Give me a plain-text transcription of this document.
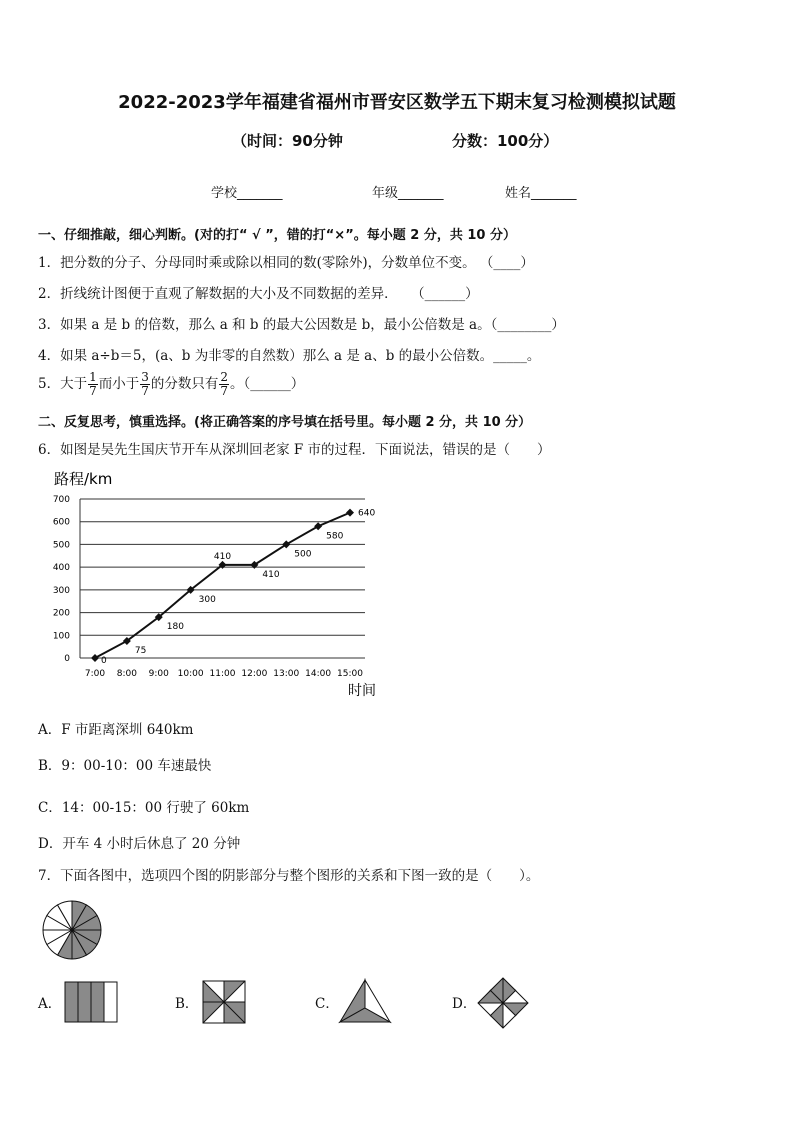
2022-2023学年福建省福州市晋安区数学五下期末复习检测模拟试题
（时间：90分钟	分数：100分）
学校_______	年级_______	姓名_______
一、仔细推敲，细心判断。(对的打“ √ ”，错的打“×”。每小题 2 分，共 10 分）
1．把分数的分子、分母同时乘或除以相同的数(零除外)，分数单位不变。 （____）
2．折线统计图便于直观了解数据的大小及不同数据的差异．　　（______）
3．如果 a 是 b 的倍数，那么 a 和 b 的最大公因数是 b，最小公倍数是 a。（________）
4．如果 a÷b＝5，(a、b 为非零的自然数）那么 a 是 a、b 的最小公倍数。_____。
5．大于 $\frac{1}{7}$ 而小于 $\frac{3}{7}$ 的分数只有 $\frac{2}{7}$ 。（______）
二、反复思考，慎重选择。(将正确答案的序号填在括号里。每小题 2 分，共 10 分）
6．如图是吴先生国庆节开车从深圳回老家 F 市的过程．下面说法，错误的是（　　）
路程/km
时间
0
100
200
300
400
500
600
700
7:00 8:00 9:00 10:00 11:00 12:00 13:00 14:00 15:00
0
75
180
300
410
410
500
580
640
A．F 市距离深圳 640km
B．9：00-10：00 车速最快
C．14：00-15：00 行驶了 60km
D．开车 4 小时后休息了 20 分钟
7．下面各图中，选项四个图的阴影部分与整个图形的关系和下图一致的是（　　）。
A．	B．	C．	D．
